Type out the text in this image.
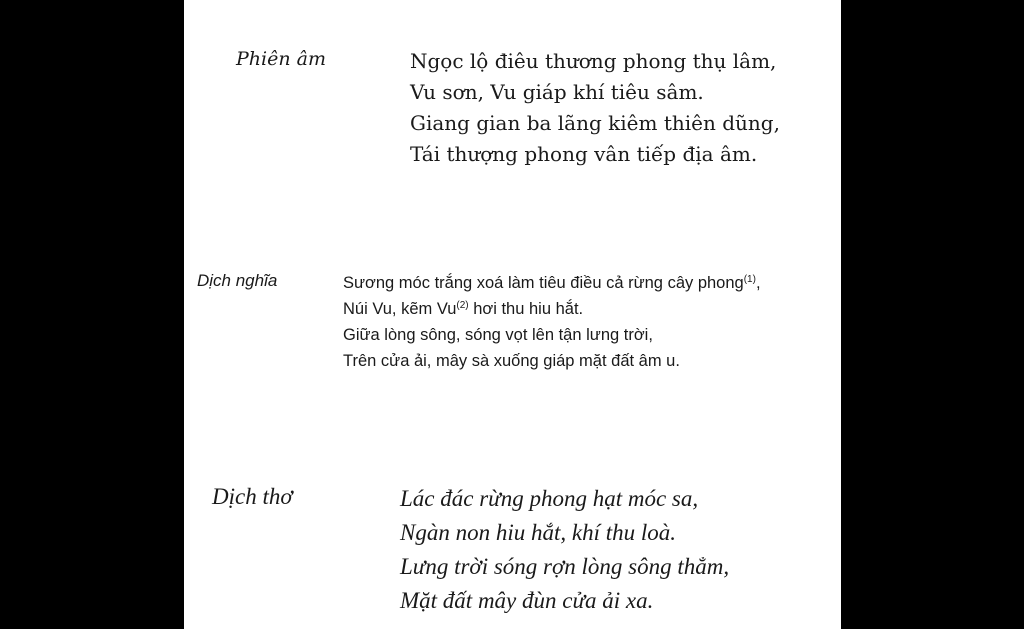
Phiên âm	Ngọc lộ điêu thương phong thụ lâm,
Vu sơn, Vu giáp khí tiêu sâm.
Giang gian ba lãng kiêm thiên dũng,
Tái thượng phong vân tiếp địa âm.
Dịch nghĩa	Sương móc trắng xoá làm tiêu điều cả rừng cây phong$^{(1)}$,
Núi Vu, kẽm Vu$^{(2)}$ hơi thu hiu hắt.
Giữa lòng sông, sóng vọt lên tận lưng trời,
Trên cửa ải, mây sà xuống giáp mặt đất âm u.
Dịch thơ	Lác đác rừng phong hạt móc sa,
Ngàn non hiu hắt, khí thu loà.
Lưng trời sóng rợn lòng sông thẳm,
Mặt đất mây đùn cửa ải xa.
